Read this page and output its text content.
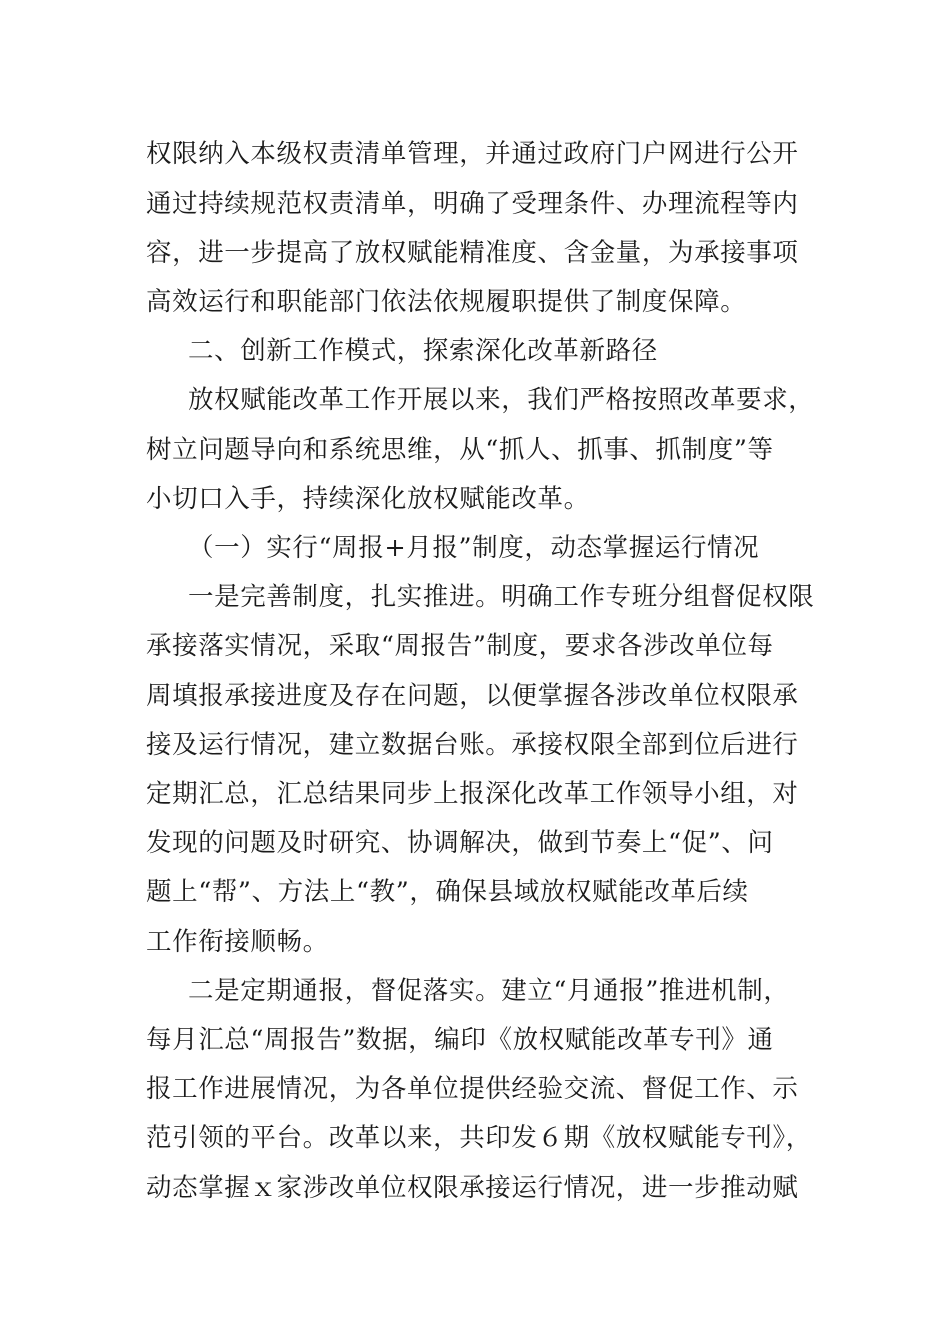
权限纳入本级权责清单管理，并通过政府门户网进行公开
通过持续规范权责清单，明确了受理条件、办理流程等内
容，进一步提高了放权赋能精准度、含金量，为承接事项
高效运行和职能部门依法依规履职提供了制度保障。
二、创新工作模式，探索深化改革新路径
放权赋能改革工作开展以来，我们严格按照改革要求，
树立问题导向和系统思维，从“抓人、抓事、抓制度”等
小切口入手，持续深化放权赋能改革。
（一）实行“周报+月报”制度，动态掌握运行情况
一是完善制度，扎实推进。明确工作专班分组督促权限
承接落实情况，采取“周报告”制度，要求各涉改单位每
周填报承接进度及存在问题，以便掌握各涉改单位权限承
接及运行情况，建立数据台账。承接权限全部到位后进行
定期汇总，汇总结果同步上报深化改革工作领导小组，对
发现的问题及时研究、协调解决，做到节奏上“促”、问
题上“帮”、方法上“教”，确保县域放权赋能改革后续
工作衔接顺畅。
二是定期通报，督促落实。建立“月通报”推进机制，
每月汇总“周报告”数据，编印《放权赋能改革专刊》通
报工作进展情况，为各单位提供经验交流、督促工作、示
范引领的平台。改革以来，共印发６期《放权赋能专刊》，
动态掌握ｘ家涉改单位权限承接运行情况，进一步推动赋
